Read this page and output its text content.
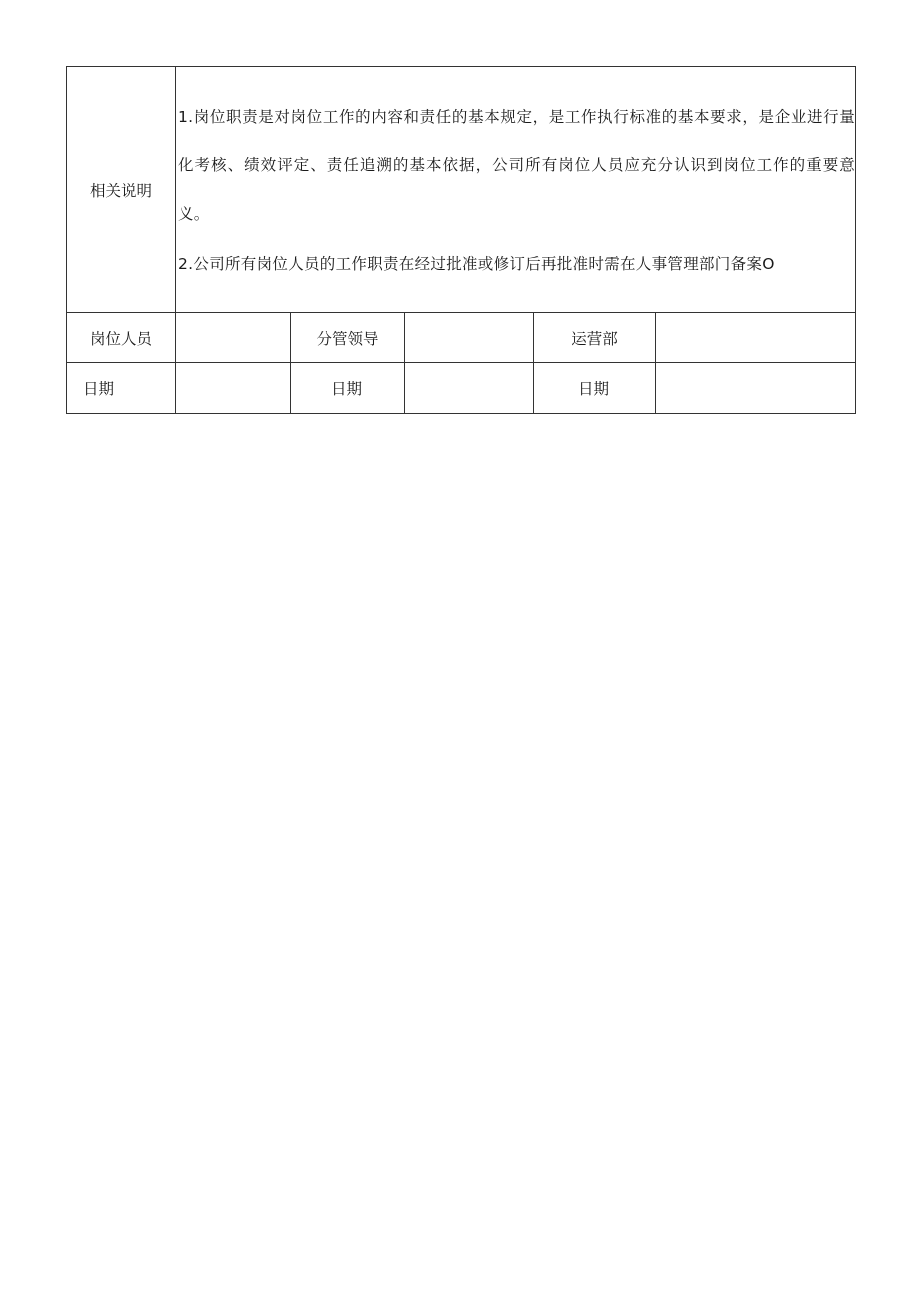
相关说明	1.岗位职责是对岗位工作的内容和责任的基本规定，是工作执行标准的基本要求，是企业进行量化考核、绩效评定、责任追溯的基本依据，公司所有岗位人员应充分认识到岗位工作的重要意义。

2.公司所有岗位人员的工作职责在经过批准或修订后再批准时需在人事管理部门备案O				

岗位人员		分管领导		运营部	
日期		日期		日期	
